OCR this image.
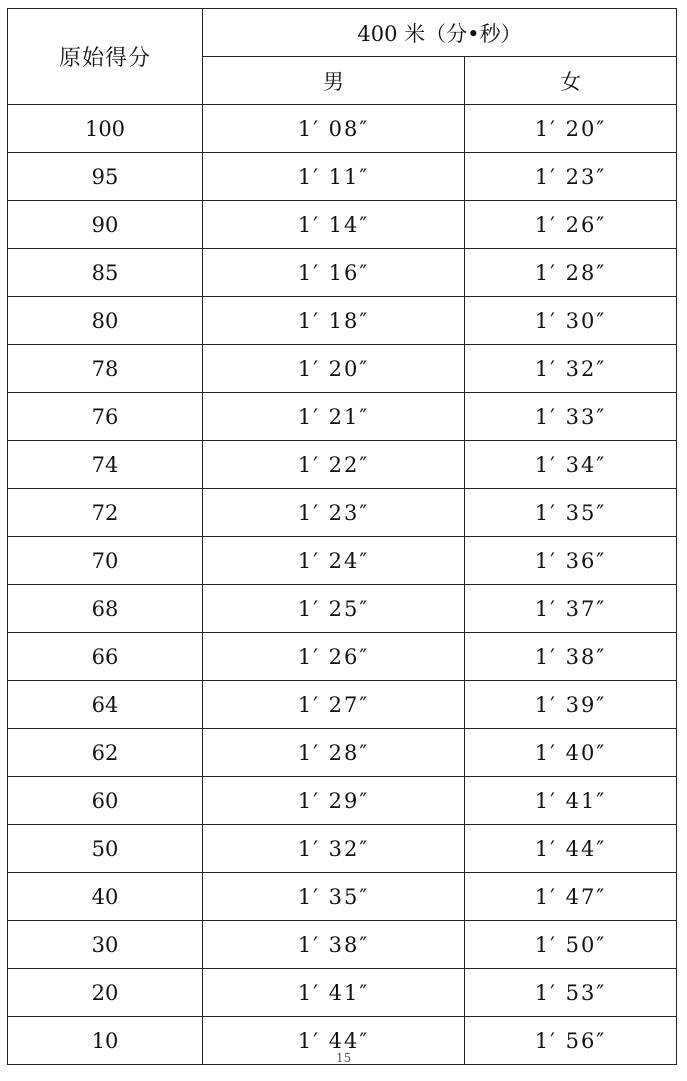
原始得分	400 米（分•秒）	
	男	女
100	1′ 08″	1′ 20″
95	1′ 11″	1′ 23″
90	1′ 14″	1′ 26″
85	1′ 16″	1′ 28″
80	1′ 18″	1′ 30″
78	1′ 20″	1′ 32″
76	1′ 21″	1′ 33″
74	1′ 22″	1′ 34″
72	1′ 23″	1′ 35″
70	1′ 24″	1′ 36″
68	1′ 25″	1′ 37″
66	1′ 26″	1′ 38″
64	1′ 27″	1′ 39″
62	1′ 28″	1′ 40″
60	1′ 29″	1′ 41″
50	1′ 32″	1′ 44″
40	1′ 35″	1′ 47″
30	1′ 38″	1′ 50″
20	1′ 41″	1′ 53″
10	1′ 44″	1′ 56″
15
